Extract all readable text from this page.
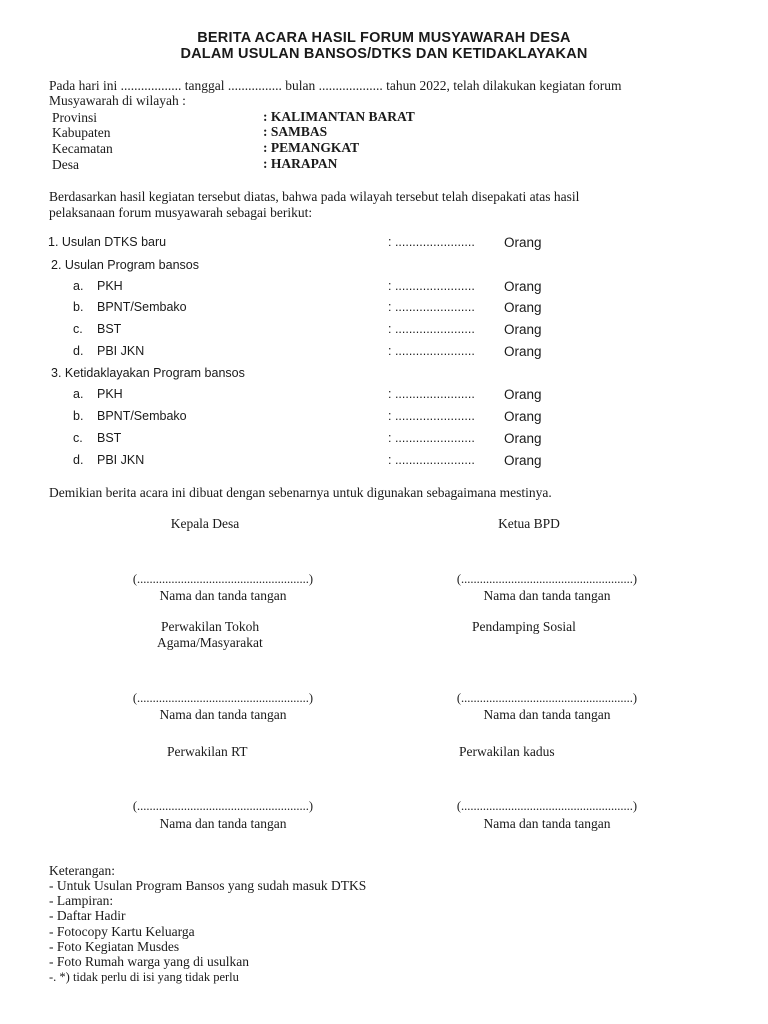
BERITA ACARA HASIL FORUM MUSYAWARAH DESA
DALAM USULAN BANSOS/DTKS DAN KETIDAKLAYAKAN
Pada hari ini .................. tanggal ................ bulan ................... tahun 2022, telah dilakukan kegiatan forum
Musyawarah di wilayah :
Provinsi	: KALIMANTAN BARAT
Kabupaten	: SAMBAS
Kecamatan	: PEMANGKAT
Desa	: HARAPAN
Berdasarkan hasil kegiatan tersebut diatas, bahwa pada wilayah tersebut telah disepakati atas hasil
pelaksanaan forum musyawarah sebagai berikut:
1. Usulan DTKS baru	: ....................... Orang
2. Usulan Program bansos
a. PKH	: ....................... Orang
b. BPNT/Sembako	: ....................... Orang
c. BST	: ....................... Orang
d. PBI JKN	: ....................... Orang
3. Ketidaklayakan Program bansos
a. PKH	: ....................... Orang
b. BPNT/Sembako	: ....................... Orang
c. BST	: ....................... Orang
d. PBI JKN	: ....................... Orang
Demikian berita acara ini dibuat dengan sebenarnya untuk digunakan sebagaimana mestinya.
Kepala Desa	Ketua BPD
(.......................................................)	(.......................................................)
Nama dan tanda tangan	Nama dan tanda tangan
Perwakilan Tokoh
Agama/Masyarakat
Pendamping Sosial
(.......................................................)	(.......................................................)
Nama dan tanda tangan	Nama dan tanda tangan
Perwakilan RT	Perwakilan kadus
(.......................................................)	(.......................................................)
Nama dan tanda tangan	Nama dan tanda tangan
Keterangan:
- Untuk Usulan Program Bansos yang sudah masuk DTKS
- Lampiran:
- Daftar Hadir
- Fotocopy Kartu Keluarga
- Foto Kegiatan Musdes
- Foto Rumah warga yang di usulkan
-. *) tidak perlu di isi yang tidak perlu
